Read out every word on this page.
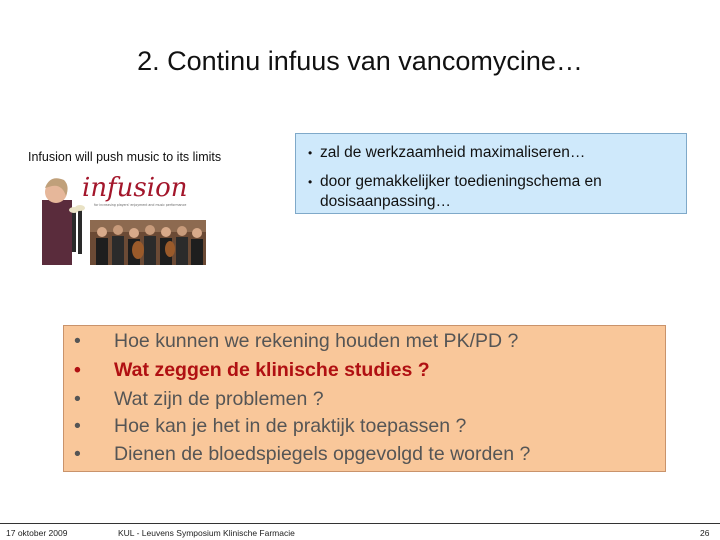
2. Continu infuus van vancomycine…
Infusion will push music to its limits
infusion
for increasing players' enjoyment and music performance
• zal de werkzaamheid maximaliseren…
• door gemakkelijker toedieningschema en
dosisaanpassing…
• Hoe kunnen we rekening houden met PK/PD ?
• Wat zeggen de klinische studies ?
• Wat zijn de problemen ?
• Hoe kan je het in de praktijk toepassen ?
• Dienen de bloedspiegels opgevolgd te worden ?
17 oktober 2009	KUL - Leuvens Symposium Klinische Farmacie	26
